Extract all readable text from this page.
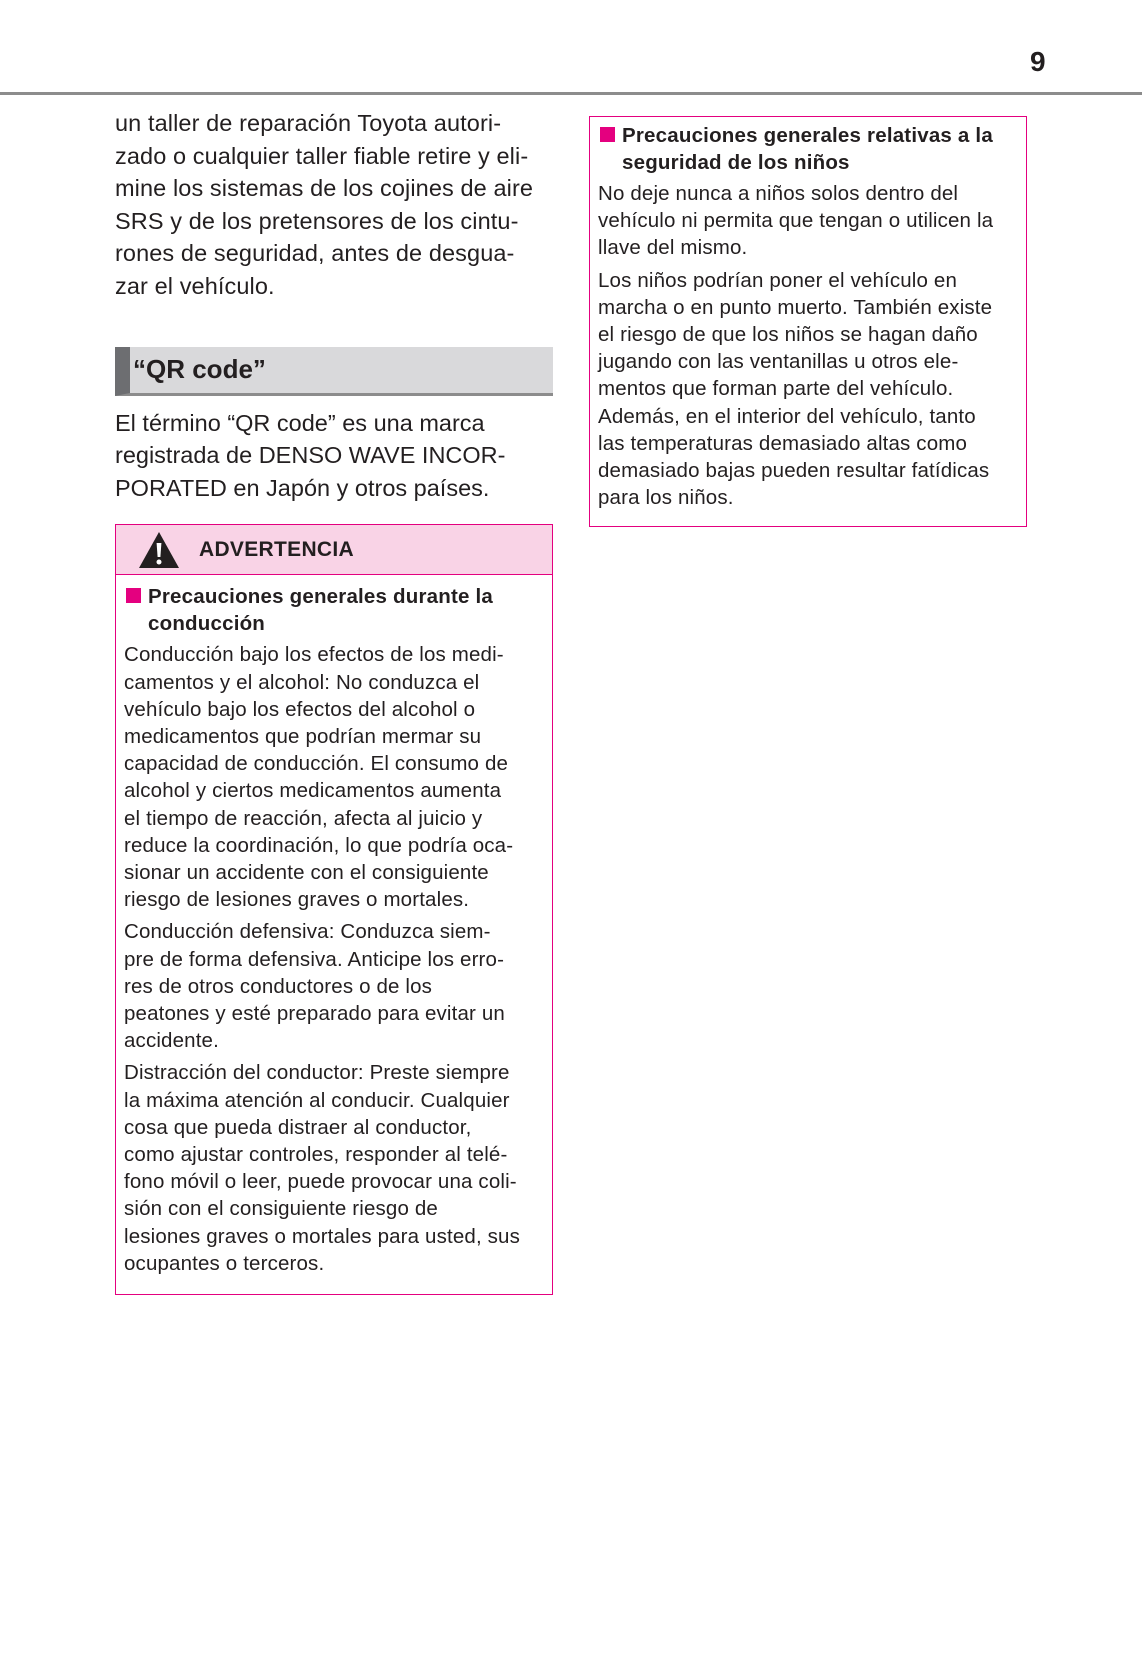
9

un taller de reparación Toyota autori-
zado o cualquier taller fiable retire y eli-
mine los sistemas de los cojines de aire
SRS y de los pretensores de los cintu-
rones de seguridad, antes de desgua-
zar el vehículo.

“QR code”

El término “QR code” es una marca
registrada de DENSO WAVE INCOR-
PORATED en Japón y otros países.

ADVERTENCIA
Precauciones generales durante la
conducción

Conducción bajo los efectos de los medi-
camentos y el alcohol: No conduzca el
vehículo bajo los efectos del alcohol o
medicamentos que podrían mermar su
capacidad de conducción. El consumo de
alcohol y ciertos medicamentos aumenta
el tiempo de reacción, afecta al juicio y
reduce la coordinación, lo que podría oca-
sionar un accidente con el consiguiente
riesgo de lesiones graves o mortales.

Conducción defensiva: Conduzca siem-
pre de forma defensiva. Anticipe los erro-
res de otros conductores o de los
peatones y esté preparado para evitar un
accidente.

Distracción del conductor: Preste siempre
la máxima atención al conducir. Cualquier
cosa que pueda distraer al conductor,
como ajustar controles, responder al telé-
fono móvil o leer, puede provocar una coli-
sión con el consiguiente riesgo de
lesiones graves o mortales para usted, sus
ocupantes o terceros.

Precauciones generales relativas a la
seguridad de los niños

No deje nunca a niños solos dentro del
vehículo ni permita que tengan o utilicen la
llave del mismo.

Los niños podrían poner el vehículo en
marcha o en punto muerto. También existe
el riesgo de que los niños se hagan daño
jugando con las ventanillas u otros ele-
mentos que forman parte del vehículo.
Además, en el interior del vehículo, tanto
las temperaturas demasiado altas como
demasiado bajas pueden resultar fatídicas
para los niños.
